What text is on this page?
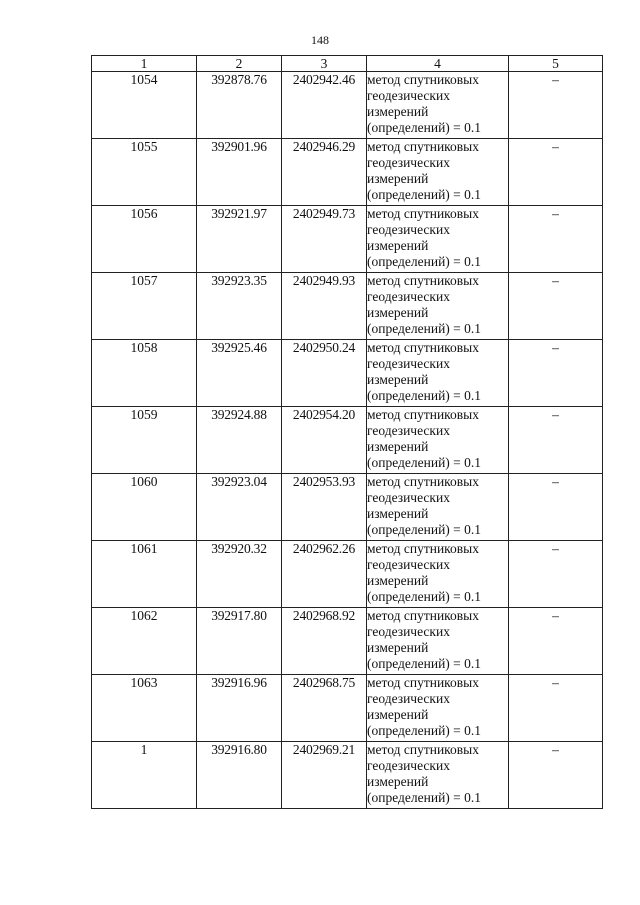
148
1	2	3	4	5
1054	392878.76	2402942.46	метод спутниковых
геодезических
измерений
(определений) = 0.1	–
1055	392901.96	2402946.29	метод спутниковых
геодезических
измерений
(определений) = 0.1	–
1056	392921.97	2402949.73	метод спутниковых
геодезических
измерений
(определений) = 0.1	–
1057	392923.35	2402949.93	метод спутниковых
геодезических
измерений
(определений) = 0.1	–
1058	392925.46	2402950.24	метод спутниковых
геодезических
измерений
(определений) = 0.1	–
1059	392924.88	2402954.20	метод спутниковых
геодезических
измерений
(определений) = 0.1	–
1060	392923.04	2402953.93	метод спутниковых
геодезических
измерений
(определений) = 0.1	–
1061	392920.32	2402962.26	метод спутниковых
геодезических
измерений
(определений) = 0.1	–
1062	392917.80	2402968.92	метод спутниковых
геодезических
измерений
(определений) = 0.1	–
1063	392916.96	2402968.75	метод спутниковых
геодезических
измерений
(определений) = 0.1	–
1	392916.80	2402969.21	метод спутниковых
геодезических
измерений
(определений) = 0.1	–
